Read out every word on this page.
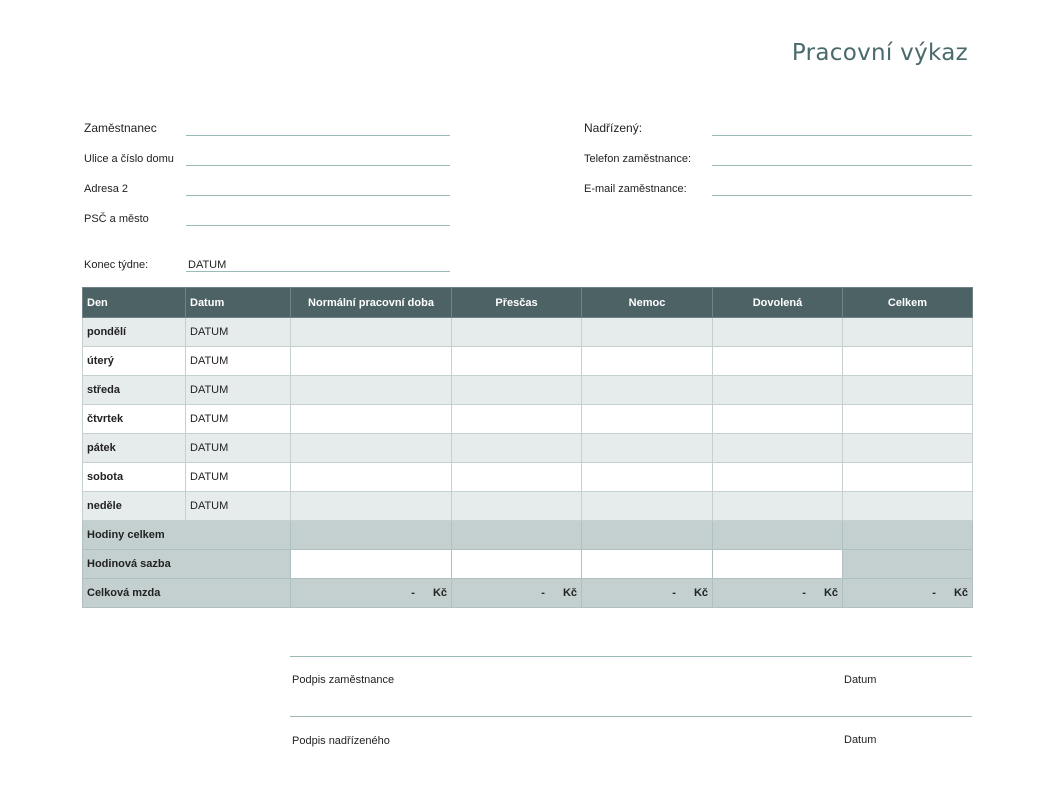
Pracovní výkaz
Zaměstnanec
Ulice a číslo domu
Adresa 2
PSČ a město
Nadřízený:
Telefon zaměstnance:
E-mail zaměstnance:
Konec týdne:	DATUM
Den	Datum	Normální pracovní doba	Přesčas	Nemoc	Dovolená	Celkem
pondělí	DATUM					
úterý	DATUM					
středa	DATUM					
čtvrtek	DATUM					
pátek	DATUM					
sobota	DATUM					
neděle	DATUM					
Hodiny celkem						
Hodinová sazba						
Celková mzda		- Kč	- Kč	- Kč	- Kč	- Kč
Podpis zaměstnance	Datum
Podpis nadřízeného	Datum
